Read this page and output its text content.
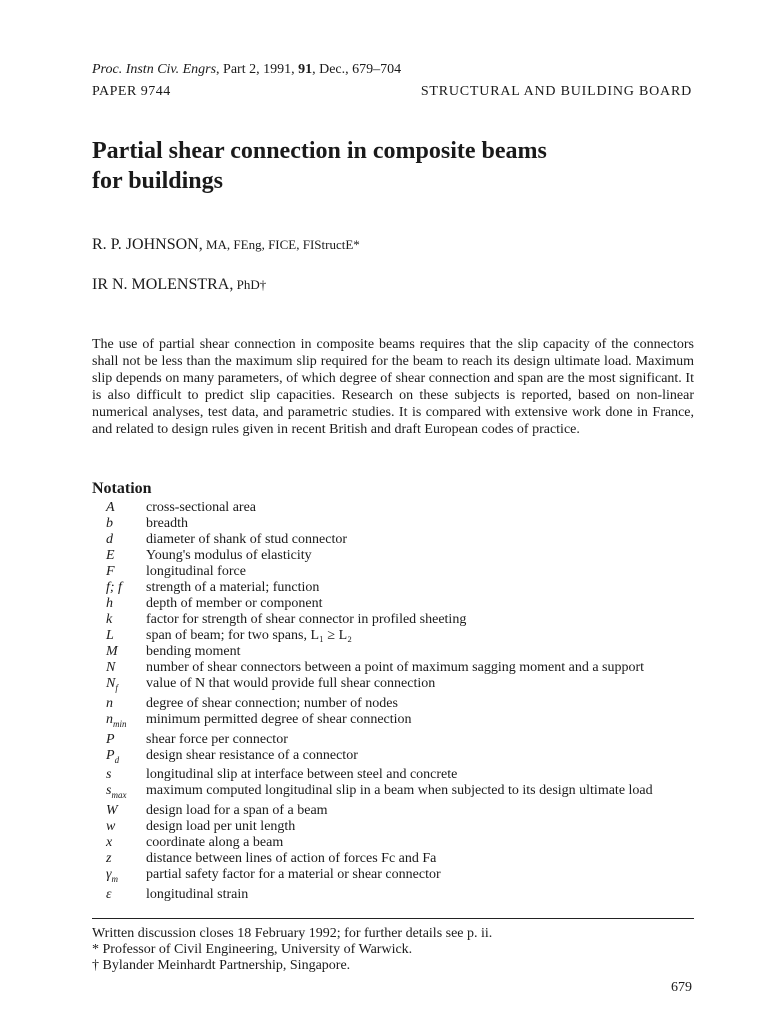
Proc. Instn Civ. Engrs, Part 2, 1991, 91, Dec., 679–704
PAPER 9744	STRUCTURAL AND BUILDING BOARD
Partial shear connection in composite beams
for buildings
R. P. JOHNSON, MA, FEng, FICE, FIStructE*
IR N. MOLENSTRA, PhD†
The use of partial shear connection in composite beams requires that the slip capacity of the connectors shall not be less than the maximum slip required for the beam to reach its design ultimate load. Maximum slip depends on many parameters, of which degree of shear connection and span are the most significant. It is also difficult to predict slip capacities. Research on these subjects is reported, based on non-linear numerical analyses, test data, and parametric studies. It is compared with extensive work done in France, and related to design rules given in recent British and draft European codes of practice.
Notation
A	cross-sectional area
b	breadth
d	diameter of shank of stud connector
E	Young's modulus of elasticity
F	longitudinal force
f; f	strength of a material; function
h	depth of member or component
k	factor for strength of shear connector in profiled sheeting
L	span of beam; for two spans, L₁ ≥ L₂
M	bending moment
N	number of shear connectors between a point of maximum sagging moment and a support
$N_f$	value of N that would provide full shear connection
n	degree of shear connection; number of nodes
$n_{min}$	minimum permitted degree of shear connection
P	shear force per connector
$P_d$	design shear resistance of a connector
s	longitudinal slip at interface between steel and concrete
$s_{max}$	maximum computed longitudinal slip in a beam when subjected to its design ultimate load
W	design load for a span of a beam
w	design load per unit length
x	coordinate along a beam
z	distance between lines of action of forces Fc and Fa
$\gamma_m$	partial safety factor for a material or shear connector
ε	longitudinal strain
Written discussion closes 18 February 1992; for further details see p. ii.
* Professor of Civil Engineering, University of Warwick.
† Bylander Meinhardt Partnership, Singapore.
679
